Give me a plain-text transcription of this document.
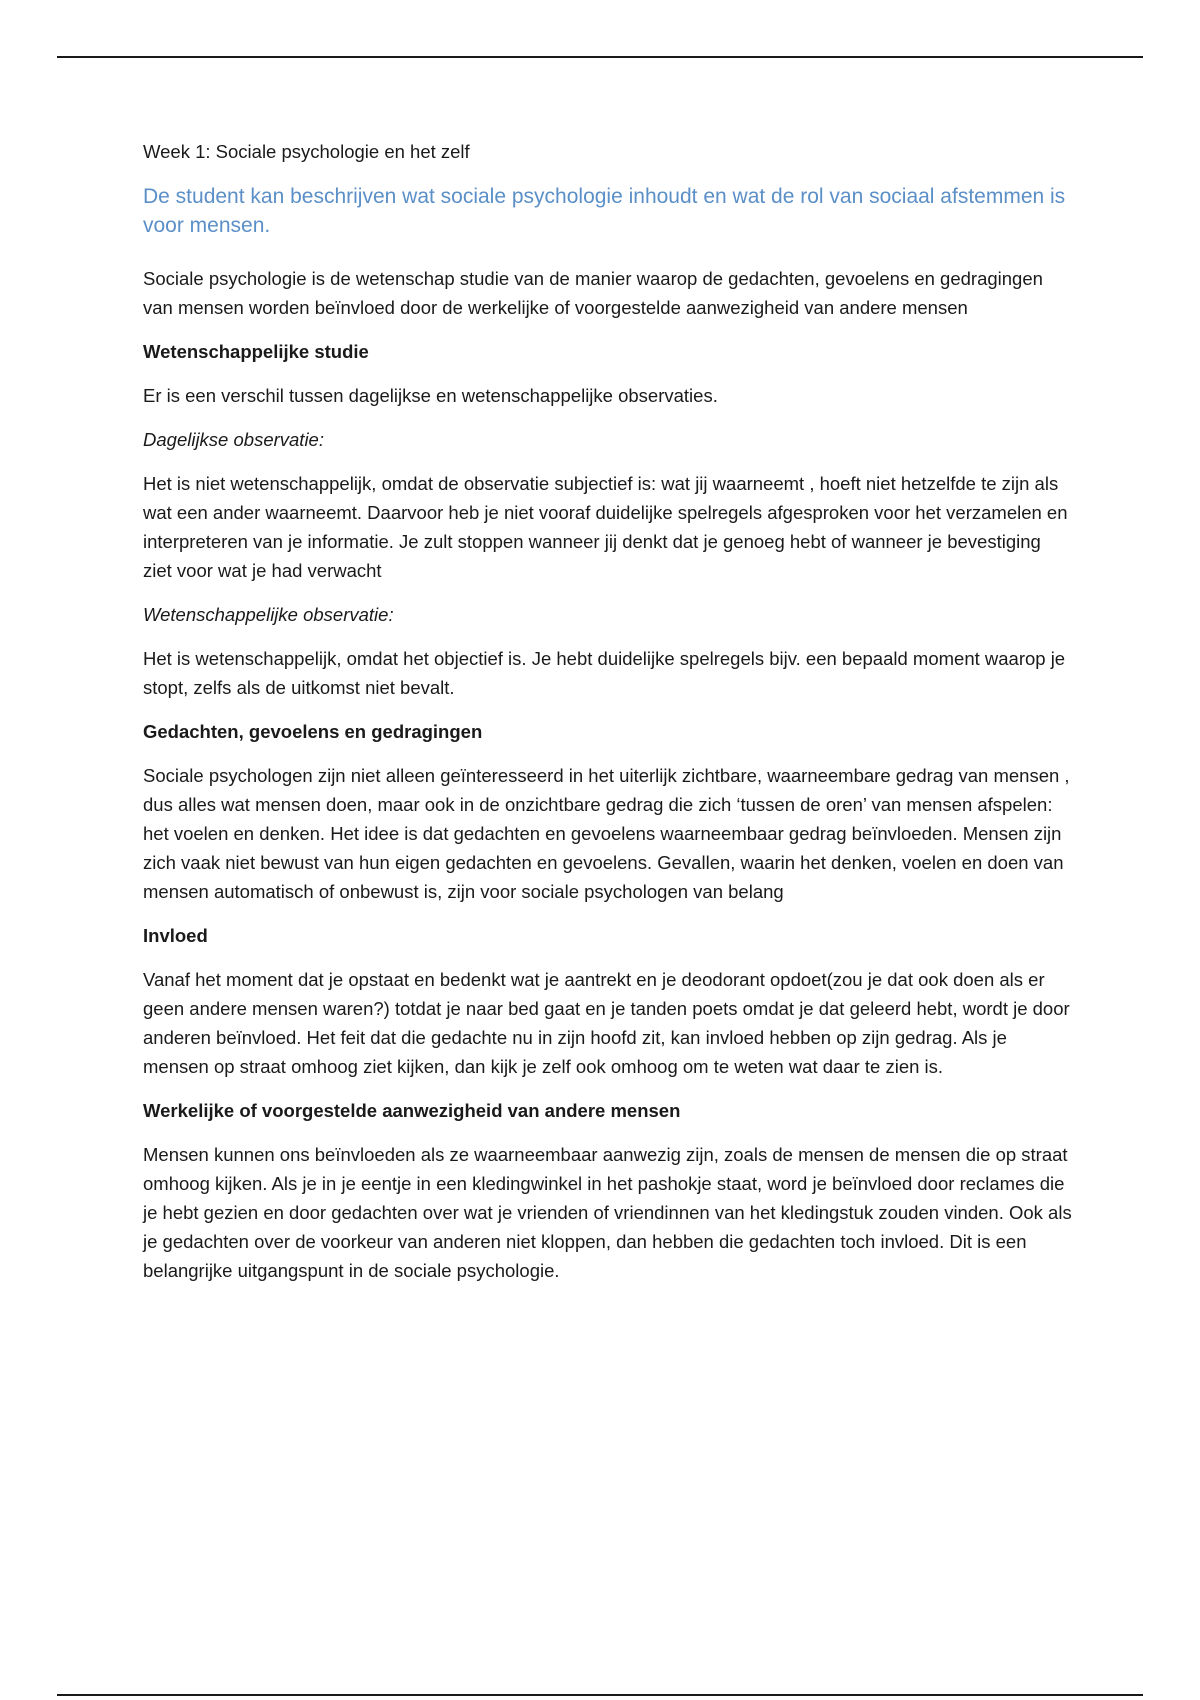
Week 1: Sociale psychologie en het zelf

De student kan beschrijven wat sociale psychologie inhoudt en wat de rol van sociaal afstemmen is voor mensen.

Sociale psychologie is de wetenschap studie van de manier waarop de gedachten, gevoelens en gedragingen van mensen worden beïnvloed door de werkelijke of voorgestelde aanwezigheid van andere mensen

Wetenschappelijke studie

Er is een verschil tussen dagelijkse en wetenschappelijke observaties.

Dagelijkse observatie:

Het is niet wetenschappelijk, omdat de observatie subjectief is: wat jij waarneemt , hoeft niet hetzelfde te zijn als wat een ander waarneemt. Daarvoor heb je niet vooraf duidelijke spelregels afgesproken voor het verzamelen en interpreteren van je informatie. Je zult stoppen wanneer jij denkt dat je genoeg hebt of wanneer je bevestiging ziet voor wat je had verwacht

Wetenschappelijke observatie:

Het is wetenschappelijk, omdat het objectief is. Je hebt duidelijke spelregels bijv. een bepaald moment waarop je stopt, zelfs als de uitkomst niet bevalt.

Gedachten, gevoelens en gedragingen

Sociale psychologen zijn niet alleen geïnteresseerd in het uiterlijk zichtbare, waarneembare gedrag van mensen , dus alles wat mensen doen, maar ook in de onzichtbare gedrag die zich ‘tussen de oren’ van mensen afspelen: het voelen en denken. Het idee is dat gedachten en gevoelens waarneembaar gedrag beïnvloeden. Mensen zijn zich vaak niet bewust van hun eigen gedachten en gevoelens. Gevallen, waarin het denken, voelen en doen van mensen automatisch of onbewust is, zijn voor sociale psychologen van belang

Invloed

Vanaf het moment dat je opstaat en bedenkt wat je aantrekt en je deodorant opdoet(zou je dat ook doen als er geen andere mensen waren?) totdat je naar bed gaat en je tanden poets omdat je dat geleerd hebt, wordt je door anderen beïnvloed. Het feit dat die gedachte nu in zijn hoofd zit, kan invloed hebben op zijn gedrag. Als je mensen op straat omhoog ziet kijken, dan kijk je zelf ook omhoog om te weten wat daar te zien is.

Werkelijke of voorgestelde aanwezigheid van andere mensen

Mensen kunnen ons beïnvloeden als ze waarneembaar aanwezig zijn, zoals de mensen de mensen die op straat omhoog kijken. Als je in je eentje in een kledingwinkel in het pashokje staat, word je beïnvloed door reclames die je hebt gezien en door gedachten over wat je vrienden of vriendinnen van het kledingstuk zouden vinden. Ook als je gedachten over de voorkeur van anderen niet kloppen, dan hebben die gedachten toch invloed. Dit is een belangrijke uitgangspunt in de sociale psychologie.
